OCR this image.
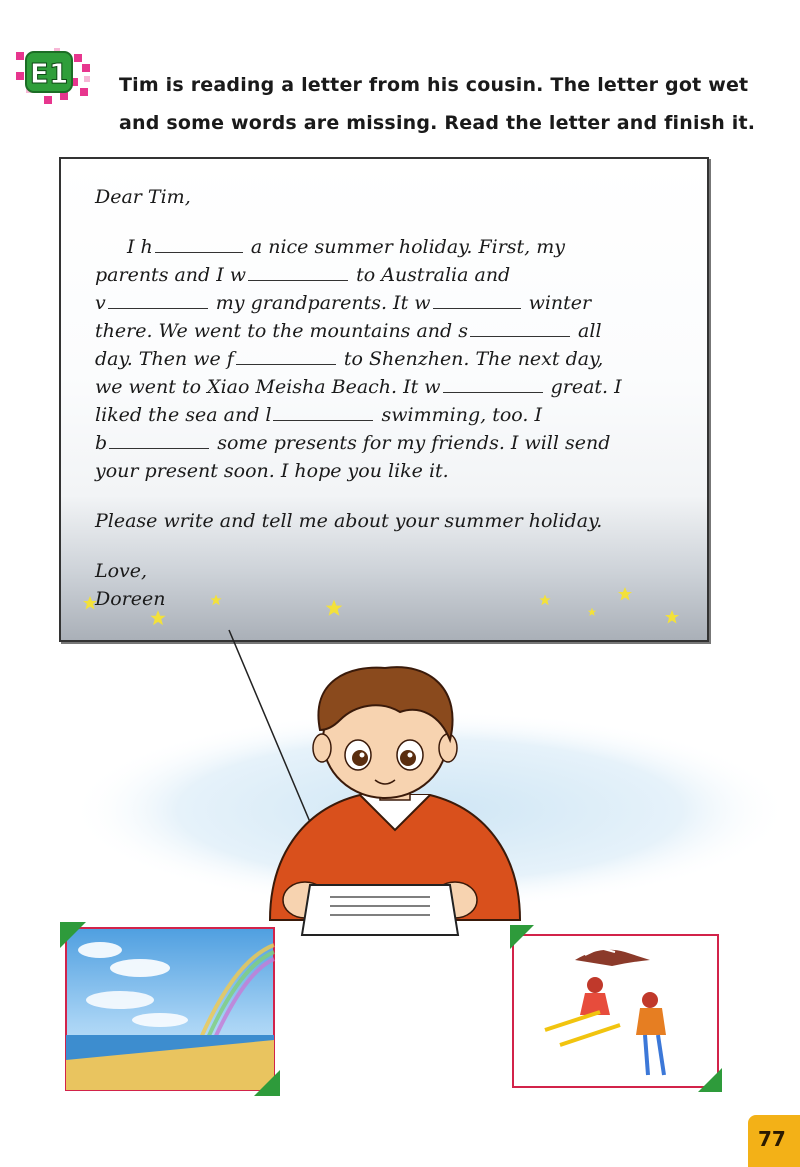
E1	Tim is reading a letter from his cousin. The letter got wet
and some words are missing. Read the letter and finish it.
Dear Tim,
I h	a nice summer holiday. First, my
parents and I w	to Australia and
v	my grandparents. It w	winter
there. We went to the mountains and s	all
day. Then we f	to Shenzhen. The next day,
we went to Xiao Meisha Beach. It w	great. I
liked the sea and l	swimming, too. I
b	some presents for my friends. I will send
your present soon. I hope you like it.
Please write and tell me about your summer holiday.
Love,
Doreen
77
